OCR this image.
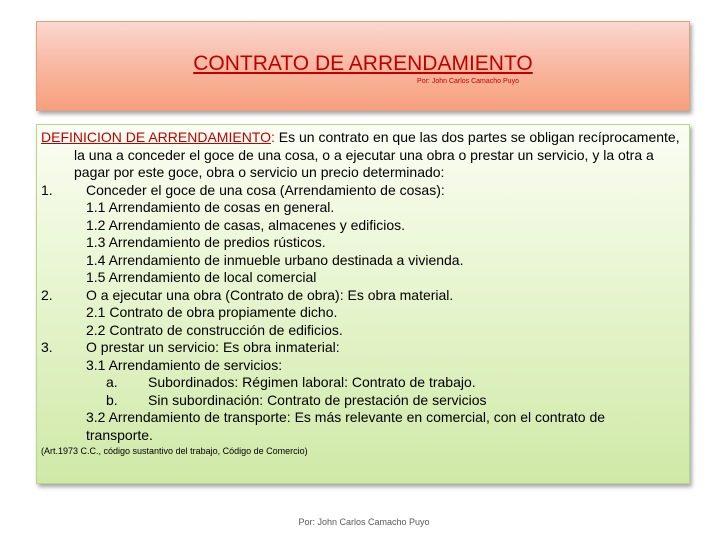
CONTRATO DE ARRENDAMIENTO
Por: John Carlos Camacho Puyo

DEFINICION DE ARRENDAMIENTO: Es un contrato en que las dos partes se obligan recíprocamente, la una a conceder el goce de una cosa, o a ejecutar una obra o prestar un servicio, y la otra a pagar por este goce, obra o servicio un precio determinado:

1. Conceder el goce de una cosa (Arrendamiento de cosas):
1.1 Arrendamiento de cosas en general.
1.2 Arrendamiento de casas, almacenes y edificios.
1.3 Arrendamiento de predios rústicos.
1.4 Arrendamiento de inmueble urbano destinada a vivienda.
1.5 Arrendamiento de local comercial
2. O a ejecutar una obra (Contrato de obra): Es obra material.
2.1 Contrato de obra propiamente dicho.
2.2 Contrato de construcción de edificios.
3. O prestar un servicio: Es obra inmaterial:
3.1 Arrendamiento de servicios:
a. Subordinados: Régimen laboral: Contrato de trabajo.
b. Sin subordinación: Contrato de prestación de servicios
3.2 Arrendamiento de transporte: Es más relevante en comercial, con el contrato de
transporte.
(Art.1973 C.C., código sustantivo del trabajo, Código de Comercio)
Por: John Carlos Camacho Puyo
